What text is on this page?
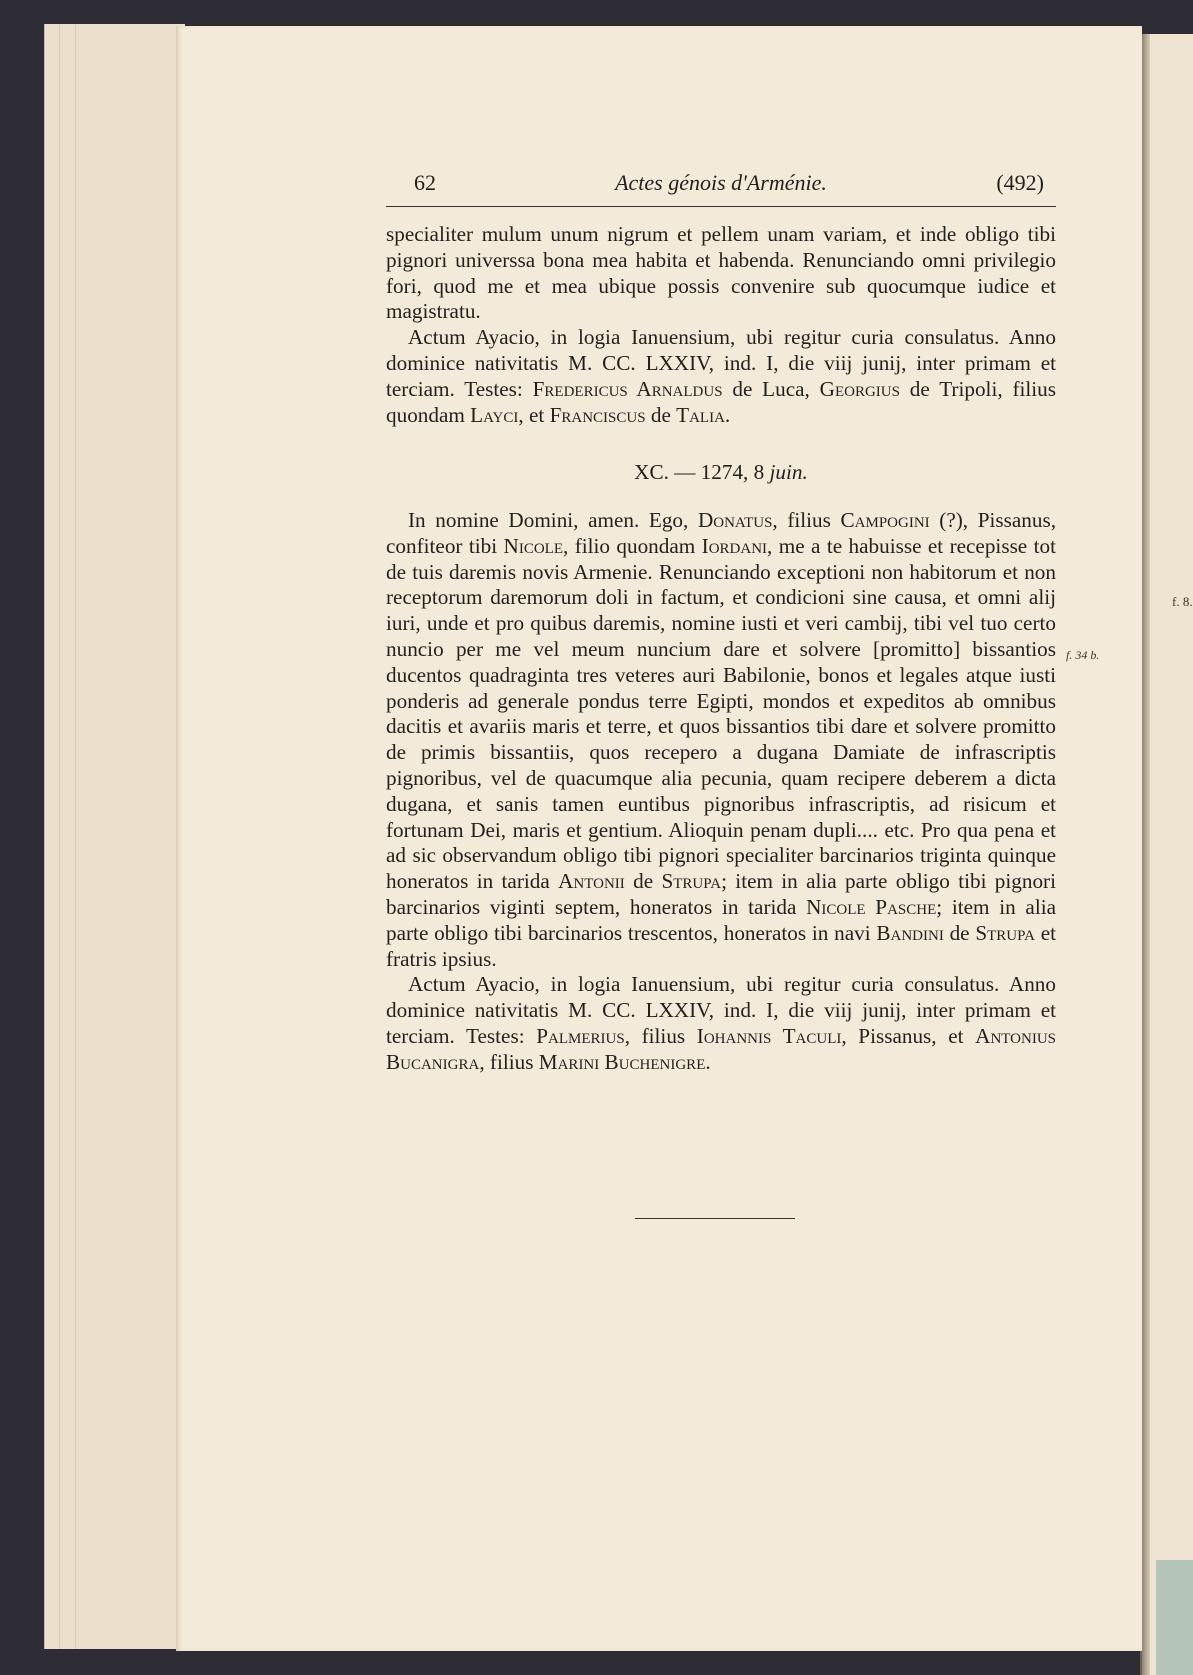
f. 8.
62	Actes génois d'Arménie.	(492)

specialiter mulum unum nigrum et pellem unam variam, et inde obligo tibi pignori universsa bona mea habita et habenda. Renunciando omni privilegio fori, quod me et mea ubique possis convenire sub quocumque iudice et magistratu.

Actum Ayacio, in logia Ianuensium, ubi regitur curia consulatus. Anno dominice nativitatis M. CC. LXXIV, ind. I, die viij junij, inter primam et terciam. Testes: Fredericus Arnaldus de Luca, Georgius de Tripoli, filius quondam Layci, et Franciscus de Talia.

XC. — 1274, 8 juin.

In nomine Domini, amen. Ego, Donatus, filius Campogini (?), Pissanus, confiteor tibi Nicole, filio quondam Iordani, me a te habuisse et recepisse tot de tuis daremis novis Armenie. Renunciando exceptioni non habitorum et non receptorum daremorum doli in factum, et condicioni sine causa, et omni alij iuri, unde et pro quibus daremis, nomine iusti et veri cambij, tibi vel tuo certo nuncio per me vel meum nuncium dare et solvere [promitto] bissantios ducentos quadraginta tres veteres auri Babilonie, bonos et legales atque iusti ponderis ad generale pondus terre Egipti, mondos et expeditos ab omnibus dacitis et avariis maris et terre, et quos bissantios tibi dare et solvere promitto de primis bissantiis, quos recepero a dugana Damiate de infrascriptis pignoribus, vel de quacumque alia pecunia, quam recipere deberem a dicta dugana, et sanis tamen euntibus pignoribus infrascriptis, ad risicum et fortunam Dei, maris et gentium. Alioquin penam dupli.... etc. Pro qua pena et ad sic observandum obligo tibi pignori specialiter barcinarios triginta quinque honeratos in tarida Antonii de Strupa; item in alia parte obligo tibi pignori barcinarios viginti septem, honeratos in tarida Nicole Pasche; item in alia parte obligo tibi barcinarios trescentos, honeratos in navi Bandini de Strupa et fratris ipsius.

Actum Ayacio, in logia Ianuensium, ubi regitur curia consulatus. Anno dominice nativitatis M. CC. LXXIV, ind. I, die viij junij, inter primam et terciam. Testes: Palmerius, filius Iohannis Taculi, Pissanus, et Antonius Bucanigra, filius Marini Buchenigre.

f. 34 b.
